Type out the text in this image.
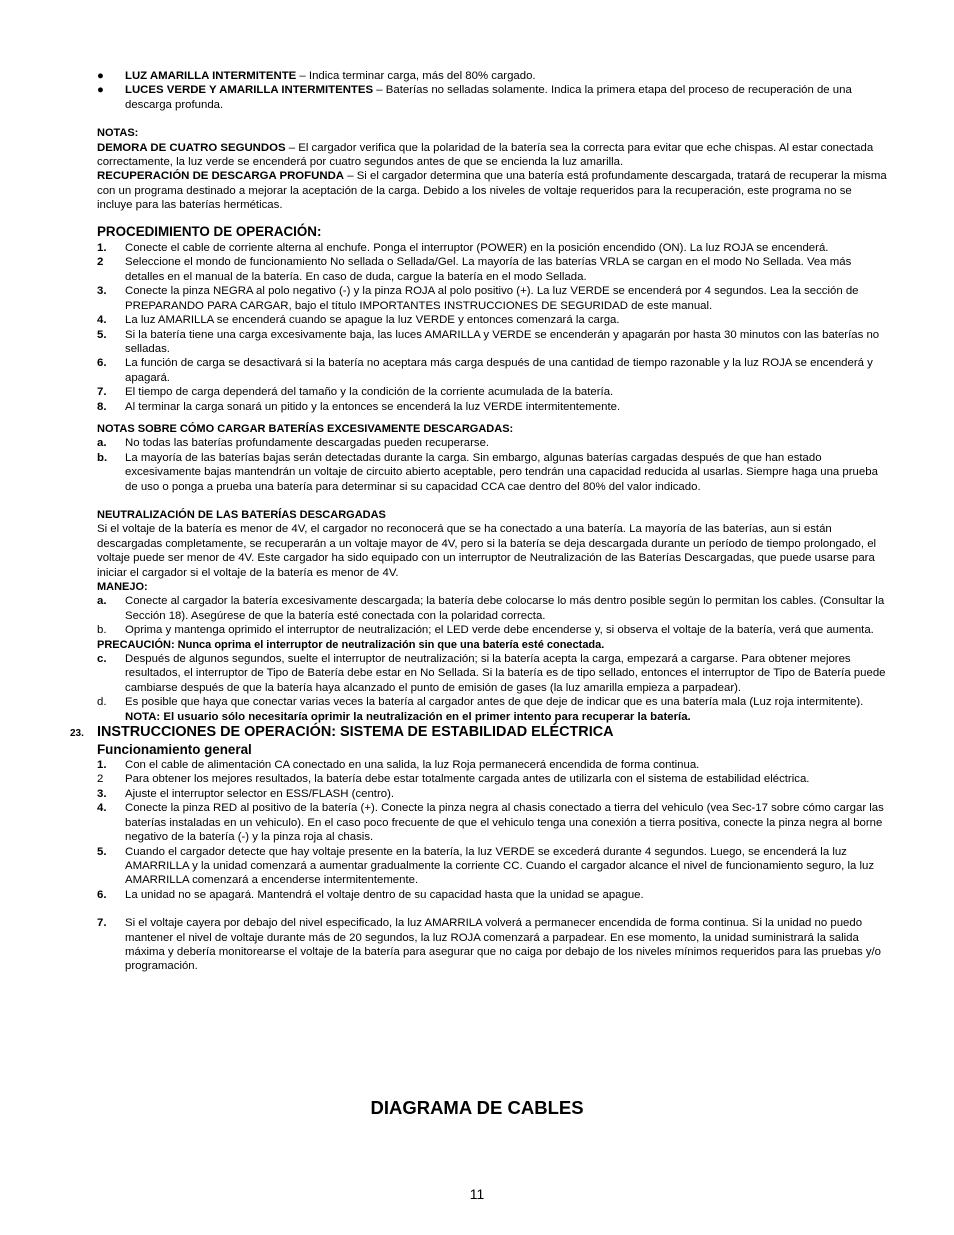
● LUZ AMARILLA INTERMITENTE – Indica terminar carga, más del 80% cargado.
● LUCES VERDE Y AMARILLA INTERMITENTES – Baterías no selladas solamente. Indica la primera etapa del proceso de recuperación de una descarga profunda.

NOTAS:

DEMORA DE CUATRO SEGUNDOS – El cargador verifica que la polaridad de la batería sea la correcta para evitar que eche chispas. Al estar conectada correctamente, la luz verde se encenderá por cuatro segundos antes de que se encienda la luz amarilla.

RECUPERACIÓN DE DESCARGA PROFUNDA – Si el cargador determina que una batería está profundamente descargada, tratará de recuperar la misma con un programa destinado a mejorar la aceptación de la carga. Debido a los niveles de voltaje requeridos para la recuperación, este programa no se incluye para las baterías herméticas.

PROCEDIMIENTO DE OPERACIÓN:

1. Conecte el cable de corriente alterna al enchufe. Ponga el interruptor (POWER) en la posición encendido (ON). La luz ROJA se encenderá.
2 Seleccione el mondo de funcionamiento No sellada o Sellada/Gel. La mayoría de las baterías VRLA se cargan en el modo No Sellada. Vea más detalles en el manual de la batería. En caso de duda, cargue la batería en el modo Sellada.
3. Conecte la pinza NEGRA al polo negativo (-) y la pinza ROJA al polo positivo (+). La luz VERDE se encenderá por 4 segundos. Lea la sección de PREPARANDO PARA CARGAR, bajo el título IMPORTANTES INSTRUCCIONES DE SEGURIDAD de este manual.
4. La luz AMARILLA se encenderá cuando se apague la luz VERDE y entonces comenzará la carga.
5. Si la batería tiene una carga excesivamente baja, las luces AMARILLA y VERDE se encenderán y apagarán por hasta 30 minutos con las baterías no selladas.
6. La función de carga se desactivará si la batería no aceptara más carga después de una cantidad de tiempo razonable y la luz ROJA se encenderá y apagará.
7. El tiempo de carga dependerá del tamaño y la condición de la corriente acumulada de la batería.
8. Al terminar la carga sonará un pitido y la entonces se encenderá la luz VERDE intermitentemente.

NOTAS SOBRE CÓMO CARGAR BATERÍAS EXCESIVAMENTE DESCARGADAS:

a. No todas las baterías profundamente descargadas pueden recuperarse.
b. La mayoría de las baterías bajas serán detectadas durante la carga. Sin embargo, algunas baterías cargadas después de que han estado excesivamente bajas mantendrán un voltaje de circuito abierto aceptable, pero tendrán una capacidad reducida al usarlas. Siempre haga una prueba de uso o ponga a prueba una batería para determinar si su capacidad CCA cae dentro del 80% del valor indicado.

NEUTRALIZACIÓN DE LAS BATERÍAS DESCARGADAS

Si el voltaje de la batería es menor de 4V, el cargador no reconocerá que se ha conectado a una batería. La mayoría de las baterías, aun si están descargadas completamente, se recuperarán a un voltaje mayor de 4V, pero si la batería se deja descargada durante un período de tiempo prolongado, el voltaje puede ser menor de 4V. Este cargador ha sido equipado con un interruptor de Neutralización de las Baterías Descargadas, que puede usarse para iniciar el cargador si el voltaje de la batería es menor de 4V.

MANEJO:

a. Conecte al cargador la batería excesivamente descargada; la batería debe colocarse lo más dentro posible según lo permitan los cables. (Consultar la Sección 18). Asegúrese de que la batería esté conectada con la polaridad correcta.
b. Oprima y mantenga oprimido el interruptor de neutralización; el LED verde debe encenderse y, si observa el voltaje de la batería, verá que aumenta.

PRECAUCIÓN: Nunca oprima el interruptor de neutralización sin que una batería esté conectada.

c. Después de algunos segundos, suelte el interruptor de neutralización; si la batería acepta la carga, empezará a cargarse. Para obtener mejores resultados, el interruptor de Tipo de Batería debe estar en No Sellada. Si la batería es de tipo sellado, entonces el interruptor de Tipo de Batería puede cambiarse después de que la batería haya alcanzado el punto de emisión de gases (la luz amarilla empieza a parpadear).
d. Es posible que haya que conectar varias veces la batería al cargador antes de que deje de indicar que es una batería mala (Luz roja intermitente). NOTA: El usuario sólo necesitaría oprimir la neutralización en el primer intento para recuperar la batería.
23. INSTRUCCIONES DE OPERACIÓN: SISTEMA DE ESTABILIDAD ELÉCTRICA

Funcionamiento general

1. Con el cable de alimentación CA conectado en una salida, la luz Roja permanecerá encendida de forma continua.
2 Para obtener los mejores resultados, la batería debe estar totalmente cargada antes de utilizarla con el sistema de estabilidad eléctrica.
3. Ajuste el interruptor selector en ESS/FLASH (centro).
4. Conecte la pinza RED al positivo de la batería (+). Conecte la pinza negra al chasis conectado a tierra del vehiculo (vea Sec-17 sobre cómo cargar las baterías instaladas en un vehiculo). En el caso poco frecuente de que el vehiculo tenga una conexión a tierra positiva, conecte la pinza negra al borne negativo de la batería (-) y la pinza roja al chasis.
5. Cuando el cargador detecte que hay voltaje presente en la batería, la luz VERDE se excederá durante 4 segundos. Luego, se encenderá la luz AMARRILLA y la unidad comenzará a aumentar gradualmente la corriente CC. Cuando el cargador alcance el nivel de funcionamiento seguro, la luz AMARRILLA comenzará a encenderse intermitentemente.
6. La unidad no se apagará. Mantendrá el voltaje dentro de su capacidad hasta que la unidad se apague.
7. Si el voltaje cayera por debajo del nivel especificado, la luz AMARRILA volverá a permanecer encendida de forma continua. Si la unidad no puedo mantener el nivel de voltaje durante más de 20 segundos, la luz ROJA comenzará a parpadear. En ese momento, la unidad suministrará la salida máxima y debería monitorearse el voltaje de la batería para asegurar que no caiga por debajo de los niveles mínimos requeridos para las pruebas y/o programación.
DIAGRAMA DE CABLES
11
